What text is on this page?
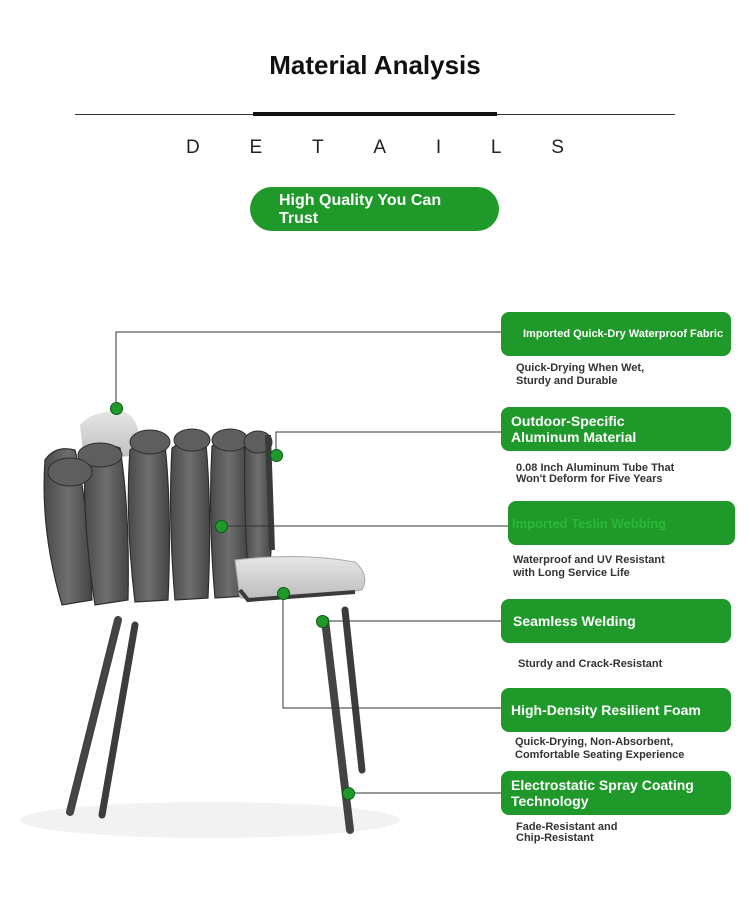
Material Analysis
D	E	T	A	I	L	S
High Quality You Can Trust
Imported Quick-Dry Waterproof Fabric
Quick-Drying When Wet,
Sturdy and Durable
Outdoor-Specific Aluminum Material
0.08 Inch Aluminum Tube That Won't Deform for Five Years
Imported Teslin Webbing
Waterproof and UV Resistant with Long Service Life
Seamless Welding
Sturdy and Crack-Resistant
High-Density Resilient Foam
Quick-Drying, Non-Absorbent, Comfortable Seating Experience
Electrostatic Spray Coating Technology
Fade-Resistant and Chip-Resistant
